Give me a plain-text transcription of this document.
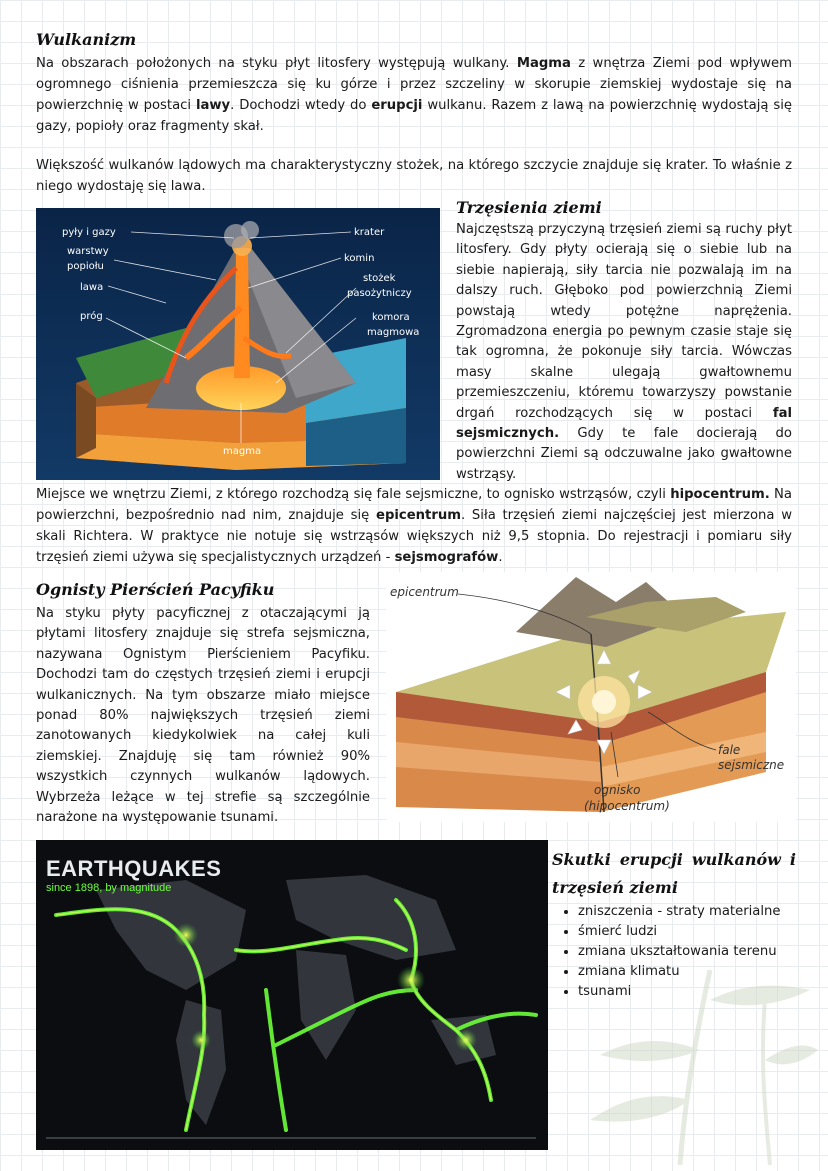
Wulkanizm

Na obszarach położonych na styku płyt litosfery występują wulkany. Magma z wnętrza Ziemi pod wpływem ogromnego ciśnienia przemieszcza się ku górze i przez szczeliny w skorupie ziemskiej wydostaje się na powierzchnię w postaci lawy. Dochodzi wtedy do erupcji wulkanu. Razem z lawą na powierzchnię wydostają się gazy, popioły oraz fragmenty skał.

Większość wulkanów lądowych ma charakterystyczny stożek, na którego szczycie znajduje się krater. To właśnie z niego wydostaję się lawa.

pyły i gazy
warstwy
popiołu
lawa
próg
krater
komin
stożek
pasożytniczy
komora
magmowa
magma
Trzęsienia ziemi

Najczęstszą przyczyną trzęsień ziemi są ruchy płyt litosfery. Gdy płyty ocierają się o siebie lub na siebie napierają, siły tarcia nie pozwalają im na dalszy ruch. Głęboko pod powierzchnią Ziemi powstają wtedy potężne naprężenia. Zgromadzona energia po pewnym czasie staje się tak ogromna, że pokonuje siły tarcia. Wówczas masy skalne ulegają gwałtownemu przemieszczeniu, któremu towarzyszy powstanie drgań rozchodzących się w postaci fal sejsmicznych. Gdy te fale docierają do powierzchni Ziemi są odczuwalne jako gwałtowne wstrząsy.

Miejsce we wnętrzu Ziemi, z którego rozchodzą się fale sejsmiczne, to ognisko wstrząsów, czyli hipocentrum. Na powierzchni, bezpośrednio nad nim, znajduje się epicentrum. Siła trzęsień ziemi najczęściej jest mierzona w skali Richtera. W praktyce nie notuje się wstrząsów większych niż 9,5 stopnia. Do rejestracji i pomiaru siły trzęsień ziemi używa się specjalistycznych urządzeń - sejsmografów.

Ognisty Pierścień Pacyfiku

Na styku płyty pacyficznej z otaczającymi ją płytami litosfery znajduje się strefa sejsmiczna, nazywana Ognistym Pierścieniem Pacyfiku. Dochodzi tam do częstych trzęsień ziemi i erupcji wulkanicznych. Na tym obszarze miało miejsce ponad 80% największych trzęsień ziemi zanotowanych kiedykolwiek na całej kuli ziemskiej. Znajduję się tam również 90% wszystkich czynnych wulkanów lądowych. Wybrzeża leżące w tej strefie są szczególnie narażone na występowanie tsunami.

epicentrum
fale
sejsmiczne
ognisko
(hipocentrum)
EARTHQUAKES
since 1898, by magnitude
Skutki erupcji wulkanów i trzęsień ziemi
• zniszczenia - straty materialne
• śmierć ludzi
• zmiana ukształtowania terenu
• zmiana klimatu
• tsunami
